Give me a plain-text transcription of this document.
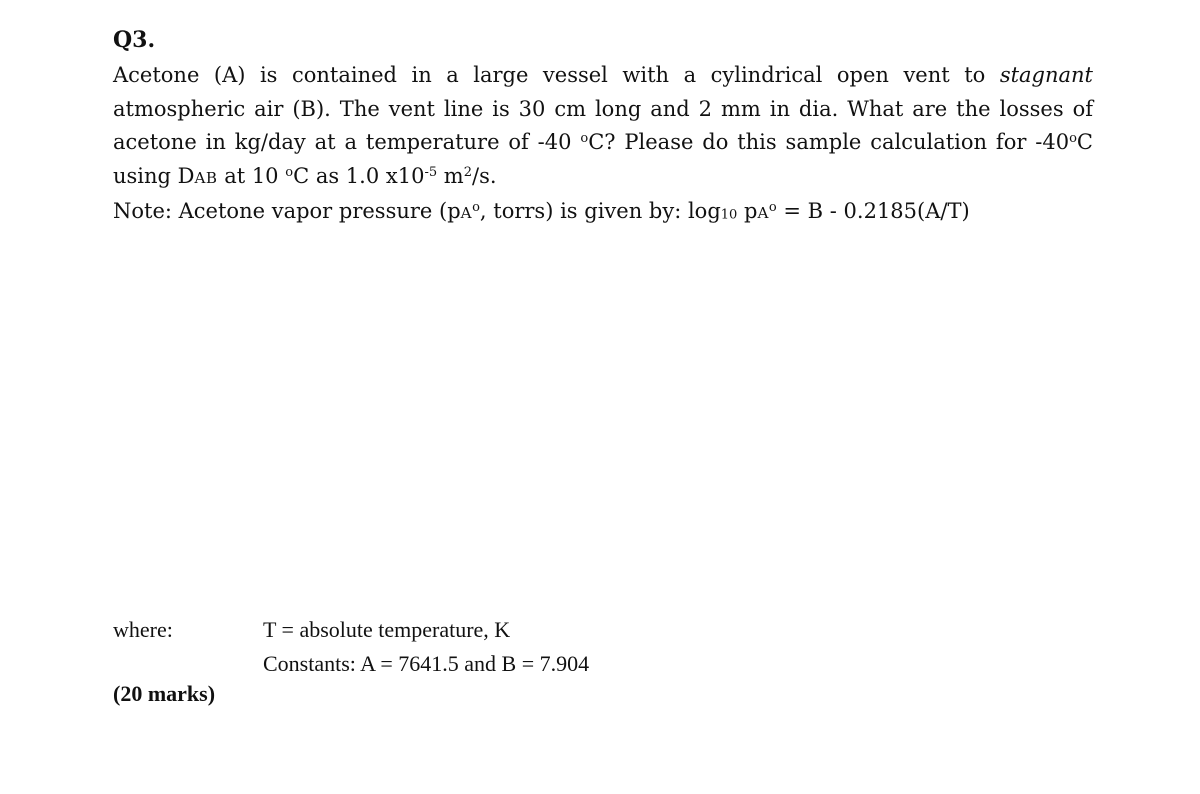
Q3.

Acetone (A) is contained in a large vessel with a cylindrical open vent to stagnant atmospheric air (B). The vent line is 30 cm long and 2 mm in dia. What are the losses of acetone in kg/day at a temperature of -40 $^o$C? Please do this sample calculation for -40$^o$C using DAB at 10 $^o$C as 1.0 $x10^{-5}$ $m^2/s$.

Note: Acetone vapor pressure ($pA^o$, torrs) is given by: $\log_{10} pA^o = B - 0.2185(A/T)$

where:	T = absolute temperature, K
Constants: A = 7641.5 and B = 7.904
(20 marks)
